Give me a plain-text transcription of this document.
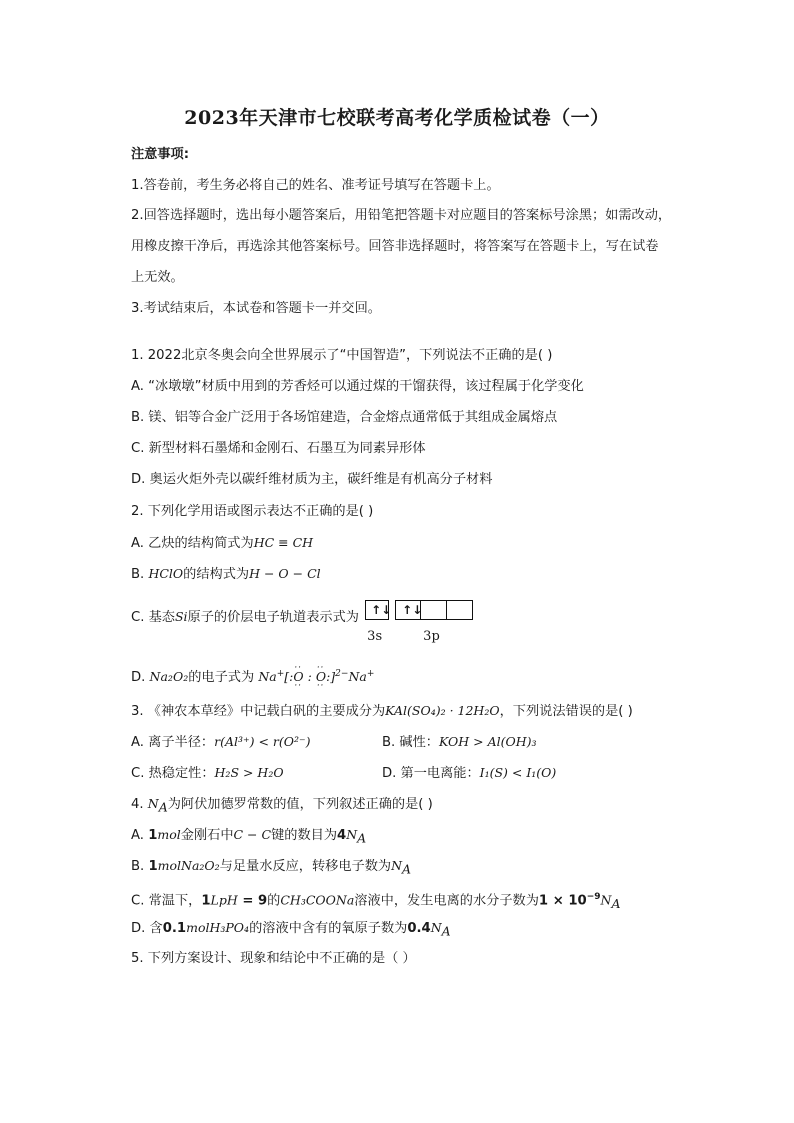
2023年天津市七校联考高考化学质检试卷（一）
注意事项:
1.答卷前，考生务必将自己的姓名、准考证号填写在答题卡上。
2.回答选择题时，选出每小题答案后，用铅笔把答题卡对应题目的答案标号涂黑；如需改动，
用橡皮擦干净后，再选涂其他答案标号。回答非选择题时，将答案写在答题卡上，写在试卷
上无效。
3.考试结束后，本试卷和答题卡一并交回。
1. 2022北京冬奥会向全世界展示了“中国智造”，下列说法不正确的是( )
A. “冰墩墩”材质中用到的芳香烃可以通过煤的干馏获得，该过程属于化学变化
B. 镁、铝等合金广泛用于各场馆建造，合金熔点通常低于其组成金属熔点
C. 新型材料石墨烯和金刚石、石墨互为同素异形体
D. 奥运火炬外壳以碳纤维材质为主，碳纤维是有机高分子材料
2. 下列化学用语或图示表达不正确的是( )
A. 乙炔的结构简式为HC ≡ CH
B. HClO的结构式为H − O − Cl
C. 基态Si原子的价层电子轨道表示式为 ↑↓ ↑↓
3s	3p
D. Na₂O₂的电子式为 Na+[:· · O · · : · · O · ·:]$^{2-}$Na+
3. 《神农本草经》中记载白矾的主要成分为KAl(SO₄)₂ · 12H₂O，下列说法错误的是( )
A. 离子半径：r(Al³⁺) < r(O²⁻)	B. 碱性：KOH > Al(OH)₃
C. 热稳定性：H₂S > H₂O	D. 第一电离能：I₁(S) < I₁(O)
4. $N_A$为阿伏加德罗常数的值，下列叙述正确的是( )
A. 1mol金刚石中C − C键的数目为$4N_A$
B. 1molNa₂O₂与足量水反应，转移电子数为$N_A$
C. 常温下，1LpH = 9的CH₃COONa溶液中，发生电离的水分子数为$1 \times 10^{-9}N_A$
D. 含0.1molH₃PO₄的溶液中含有的氧原子数为$0.4N_A$
5. 下列方案设计、现象和结论中不正确的是（ ）
